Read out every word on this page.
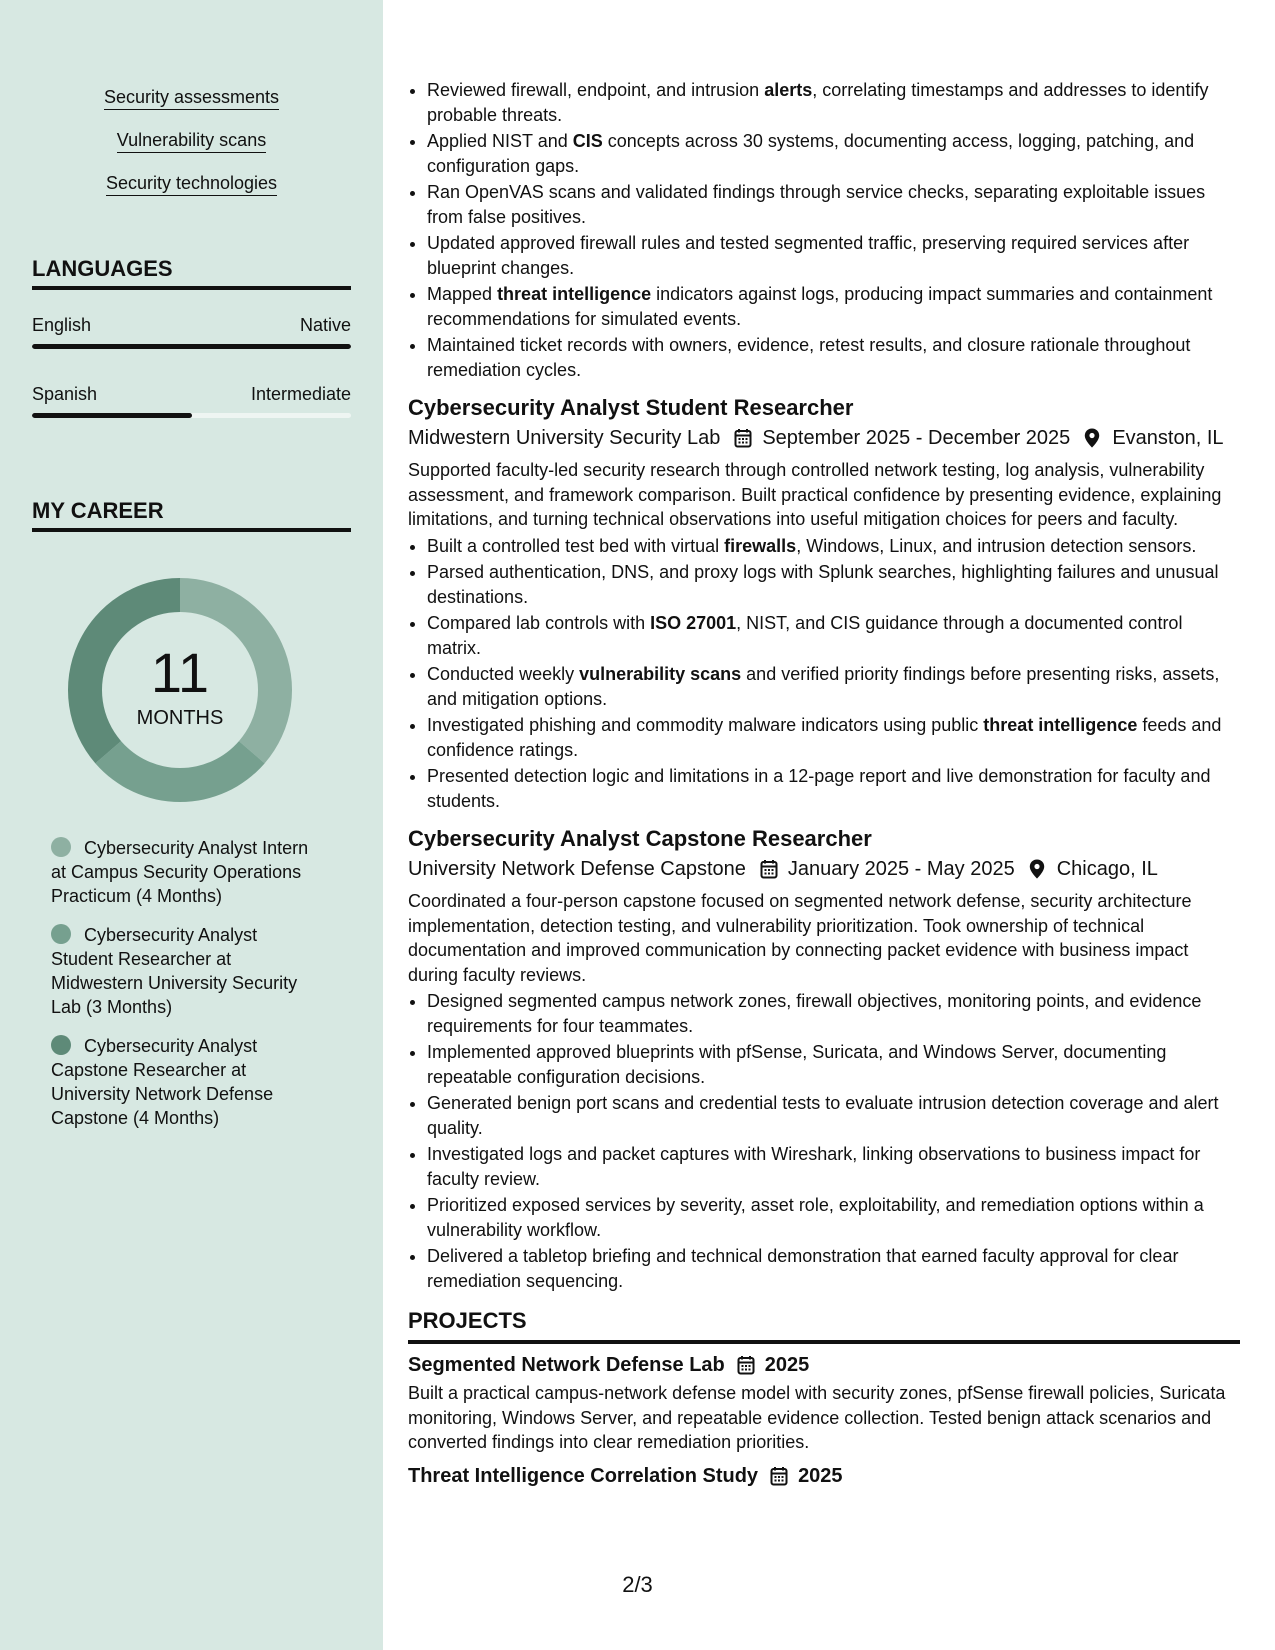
Security assessments
Vulnerability scans
Security technologies
LANGUAGES
English	Native
Spanish	Intermediate
MY CAREER
11
MONTHS
Cybersecurity Analyst Intern at Campus Security Operations Practicum (4 Months)
Cybersecurity Analyst Student Researcher at Midwestern University Security Lab (3 Months)
Cybersecurity Analyst Capstone Researcher at University Network Defense Capstone (4 Months)
• Reviewed firewall, endpoint, and intrusion alerts, correlating timestamps and addresses to identify probable threats.
• Applied NIST and CIS concepts across 30 systems, documenting access, logging, patching, and configuration gaps.
• Ran OpenVAS scans and validated findings through service checks, separating exploitable issues from false positives.
• Updated approved firewall rules and tested segmented traffic, preserving required services after blueprint changes.
• Mapped threat intelligence indicators against logs, producing impact summaries and containment recommendations for simulated events.
• Maintained ticket records with owners, evidence, retest results, and closure rationale throughout remediation cycles.
Cybersecurity Analyst Student Researcher
Midwestern University Security Lab September 2025 - December 2025 Evanston, IL
Supported faculty-led security research through controlled network testing, log analysis, vulnerability assessment, and framework comparison. Built practical confidence by presenting evidence, explaining limitations, and turning technical observations into useful mitigation choices for peers and faculty.
• Built a controlled test bed with virtual firewalls, Windows, Linux, and intrusion detection sensors.
• Parsed authentication, DNS, and proxy logs with Splunk searches, highlighting failures and unusual destinations.
• Compared lab controls with ISO 27001, NIST, and CIS guidance through a documented control matrix.
• Conducted weekly vulnerability scans and verified priority findings before presenting risks, assets, and mitigation options.
• Investigated phishing and commodity malware indicators using public threat intelligence feeds and confidence ratings.
• Presented detection logic and limitations in a 12-page report and live demonstration for faculty and students.
Cybersecurity Analyst Capstone Researcher
University Network Defense Capstone January 2025 - May 2025 Chicago, IL
Coordinated a four-person capstone focused on segmented network defense, security architecture implementation, detection testing, and vulnerability prioritization. Took ownership of technical documentation and improved communication by connecting packet evidence with business impact during faculty reviews.
• Designed segmented campus network zones, firewall objectives, monitoring points, and evidence requirements for four teammates.
• Implemented approved blueprints with pfSense, Suricata, and Windows Server, documenting repeatable configuration decisions.
• Generated benign port scans and credential tests to evaluate intrusion detection coverage and alert quality.
• Investigated logs and packet captures with Wireshark, linking observations to business impact for faculty review.
• Prioritized exposed services by severity, asset role, exploitability, and remediation options within a vulnerability workflow.
• Delivered a tabletop briefing and technical demonstration that earned faculty approval for clear remediation sequencing.
PROJECTS
Segmented Network Defense Lab 2025
Built a practical campus-network defense model with security zones, pfSense firewall policies, Suricata monitoring, Windows Server, and repeatable evidence collection. Tested benign attack scenarios and converted findings into clear remediation priorities.
Threat Intelligence Correlation Study 2025
2/3
